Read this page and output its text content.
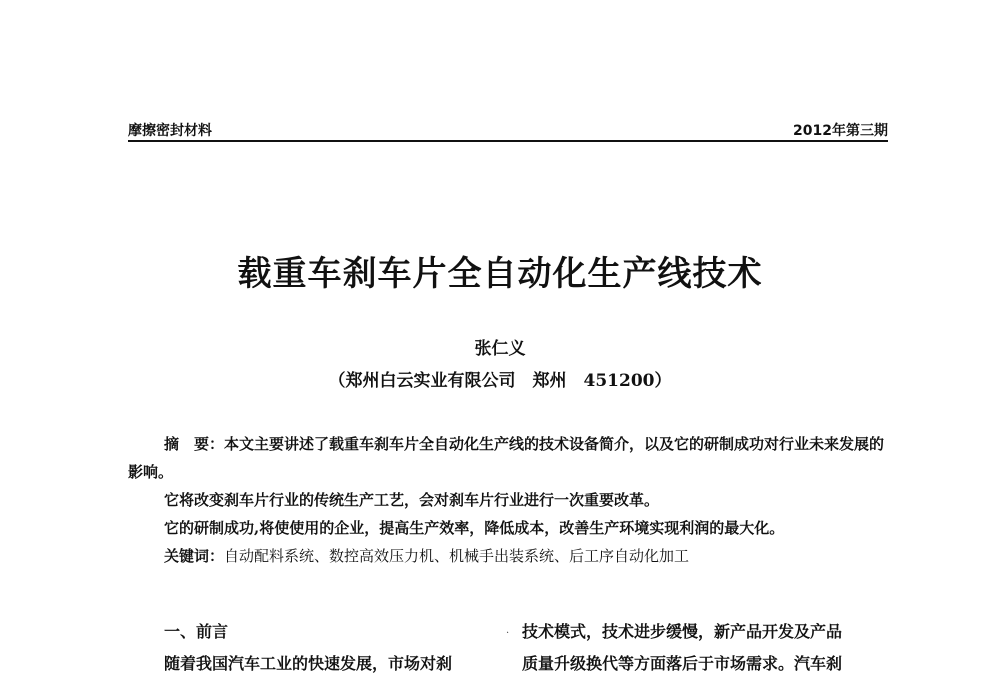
摩擦密封材料	2012年第三期
载重车刹车片全自动化生产线技术
张仁义
（郑州白云实业有限公司　郑州　451200）
摘　要：本文主要讲述了载重车刹车片全自动化生产线的技术设备简介，以及它的研制成功对行业未来发展的影响。
它将改变刹车片行业的传统生产工艺，会对刹车片行业进行一次重要改革。
它的研制成功,将使使用的企业，提高生产效率，降低成本，改善生产环境实现利润的最大化。
关键词：自动配料系统、数控高效压力机、机械手出装系统、后工序自动化加工
一、前言
随着我国汽车工业的快速发展，市场对刹
· 技术模式，技术进步缓慢，新产品开发及产品
质量升级换代等方面落后于市场需求。汽车刹
